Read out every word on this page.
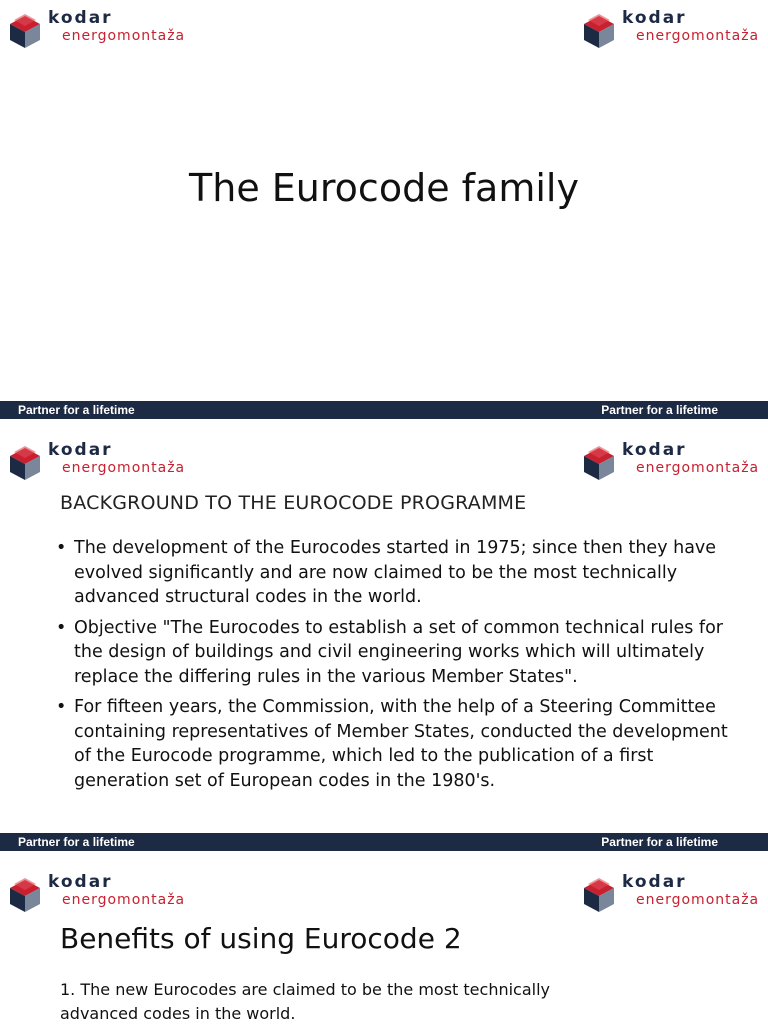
kodar
energomontaža
kodar
energomontaža
The Eurocode family
Partner for a lifetime	Partner for a lifetime
kodar
energomontaža
kodar
energomontaža
BACKGROUND TO THE EUROCODE PROGRAMME
• The development of the Eurocodes started in 1975; since then they have evolved significantly and are now claimed to be the most technically advanced structural codes in the world.
• Objective "The Eurocodes to establish a set of common technical rules for the design of buildings and civil engineering works which will ultimately replace the differing rules in the various Member States".
• For fifteen years, the Commission, with the help of a Steering Committee containing representatives of Member States, conducted the development of the Eurocode programme, which led to the publication of a first generation set of European codes in the 1980's.
Partner for a lifetime	Partner for a lifetime
kodar
energomontaža
kodar
energomontaža
Benefits of using Eurocode 2
1. The new Eurocodes are claimed to be the most technically advanced codes in the world.
